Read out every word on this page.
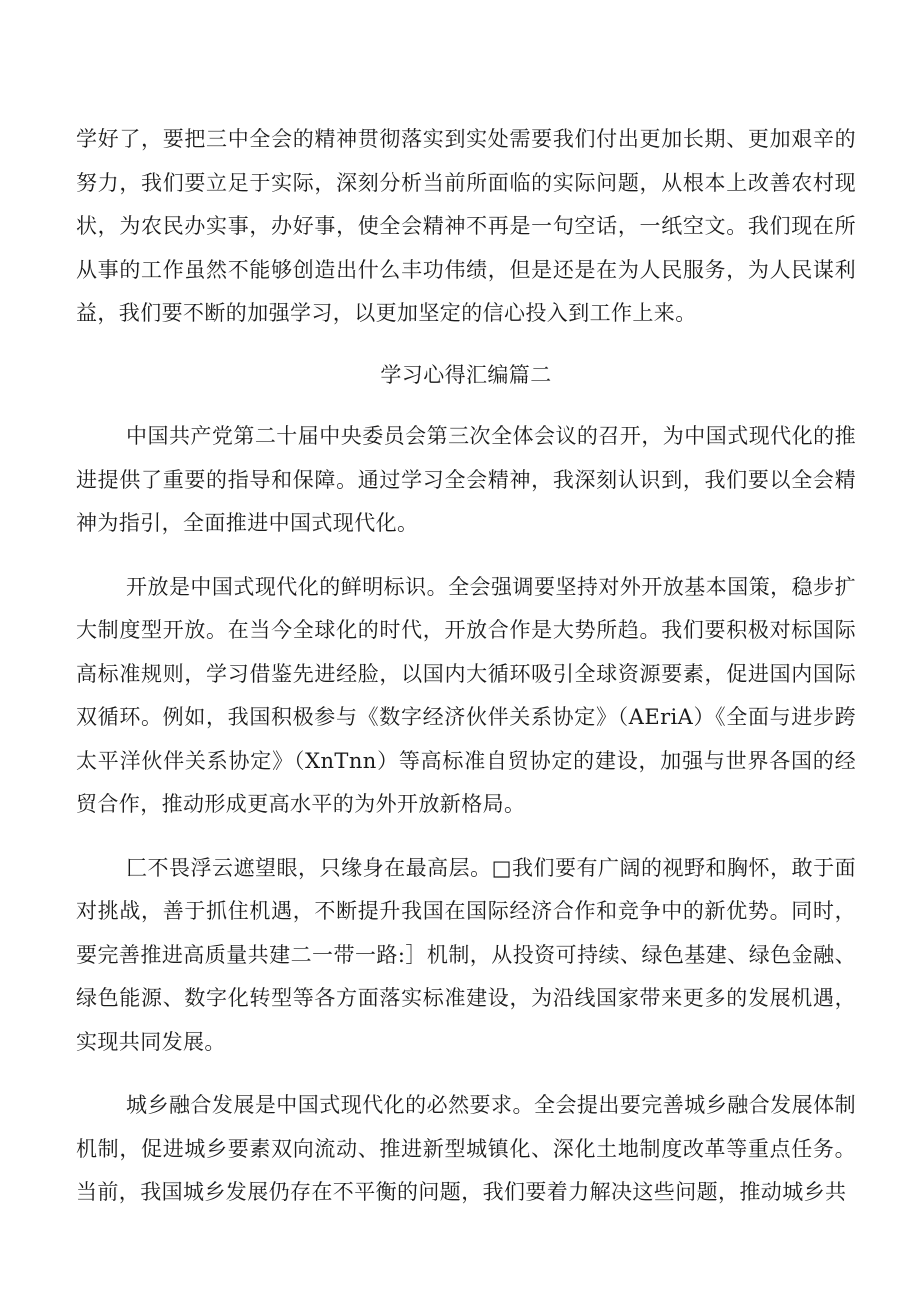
学好了，要把三中全会的精神贯彻落实到实处需要我们付出更加长期、更加艰辛的努力，我们要立足于实际，深刻分析当前所面临的实际问题，从根本上改善农村现状，为农民办实事，办好事，使全会精神不再是一句空话，一纸空文。我们现在所从事的工作虽然不能够创造出什么丰功伟绩，但是还是在为人民服务，为人民谋利益，我们要不断的加强学习，以更加坚定的信心投入到工作上来。

学习心得汇编篇二

中国共产党第二十届中央委员会第三次全体会议的召开，为中国式现代化的推进提供了重要的指导和保障。通过学习全会精神，我深刻认识到，我们要以全会精神为指引，全面推进中国式现代化。

开放是中国式现代化的鲜明标识。全会强调要坚持对外开放基本国策，稳步扩大制度型开放。在当今全球化的时代，开放合作是大势所趋。我们要积极对标国际高标准规则，学习借鉴先进经脸，以国内大循环吸引全球资源要素，促进国内国际双循环。例如，我国积极参与《数字经济伙伴关系协定》（AEriA）《全面与进步跨太平洋伙伴关系协定》（XnTnn）等高标准自贸协定的建设，加强与世界各国的经贸合作，推动形成更高水平的为外开放新格局。

匚不畏浮云遮望眼，只缘身在最高层。□我们要有广阔的视野和胸怀，敢于面对挑战，善于抓住机遇，不断提升我国在国际经济合作和竞争中的新优势。同时，要完善推进高质量共建二一带一路:］机制，从投资可持续、绿色基建、绿色金融、绿色能源、数字化转型等各方面落实标准建设，为沿线国家带来更多的发展机遇，实现共同发展。

城乡融合发展是中国式现代化的必然要求。全会提出要完善城乡融合发展体制机制，促进城乡要素双向流动、推进新型城镇化、深化土地制度改革等重点任务。当前，我国城乡发展仍存在不平衡的问题，我们要着力解决这些问题，推动城乡共
